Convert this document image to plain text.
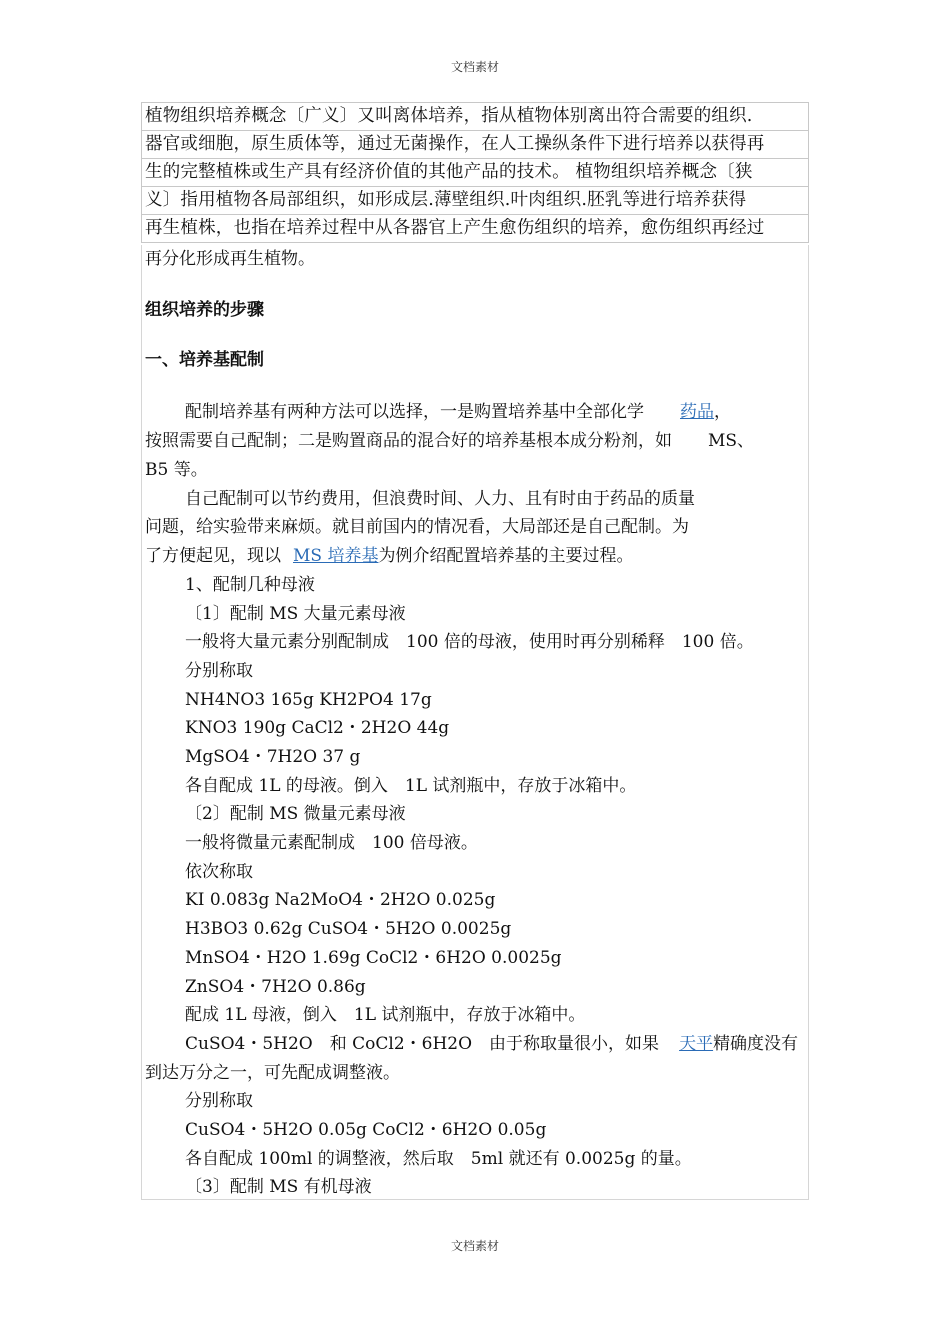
文档素材
植物组织培养概念〔广义〕又叫离体培养，指从植物体别离出符合需要的组织.
器官或细胞，原生质体等，通过无菌操作，在人工操纵条件下进行培养以获得再
生的完整植株或生产具有经济价值的其他产品的技术。 植物组织培养概念〔狭
义〕指用植物各局部组织，如形成层.薄壁组织.叶肉组织.胚乳等进行培养获得
再生植株，也指在培养过程中从各器官上产生愈伤组织的培养，愈伤组织再经过
再分化形成再生植物。
组织培养的步骤
一、培养基配制
配制培养基有两种方法可以选择，一是购置培养基中全部化学 药品，
按照需要自己配制；二是购置商品的混合好的培养基根本成分粉剂，如 MS、
B5 等。
自己配制可以节约费用，但浪费时间、人力、且有时由于药品的质量
问题，给实验带来麻烦。就目前国内的情况看，大局部还是自己配制。为
了方便起见，现以 MS 培养基为例介绍配置培养基的主要过程。
1、配制几种母液
〔1〕配制 MS 大量元素母液
一般将大量元素分别配制成　100 倍的母液，使用时再分别稀释　100 倍。
分别称取
NH4NO3 165g KH2PO4 17g
KNO3 190g CaCl2・2H2O 44g
MgSO4・7H2O 37 g
各自配成 1L 的母液。倒入　1L 试剂瓶中，存放于冰箱中。
〔2〕配制 MS 微量元素母液
一般将微量元素配制成　100 倍母液。
依次称取
KI 0.083g Na2MoO4・2H2O 0.025g
H3BO3 0.62g CuSO4・5H2O 0.0025g
MnSO4・H2O 1.69g CoCl2・6H2O 0.0025g
ZnSO4・7H2O 0.86g
配成 1L 母液，倒入　1L 试剂瓶中，存放于冰箱中。
CuSO4・5H2O　和 CoCl2・6H2O　由于称取量很小，如果 天平精确度没有
到达万分之一，可先配成调整液。
分别称取
CuSO4・5H2O 0.05g CoCl2・6H2O 0.05g
各自配成 100ml 的调整液，然后取　5ml 就还有 0.0025g 的量。
〔3〕配制 MS 有机母液
文档素材
